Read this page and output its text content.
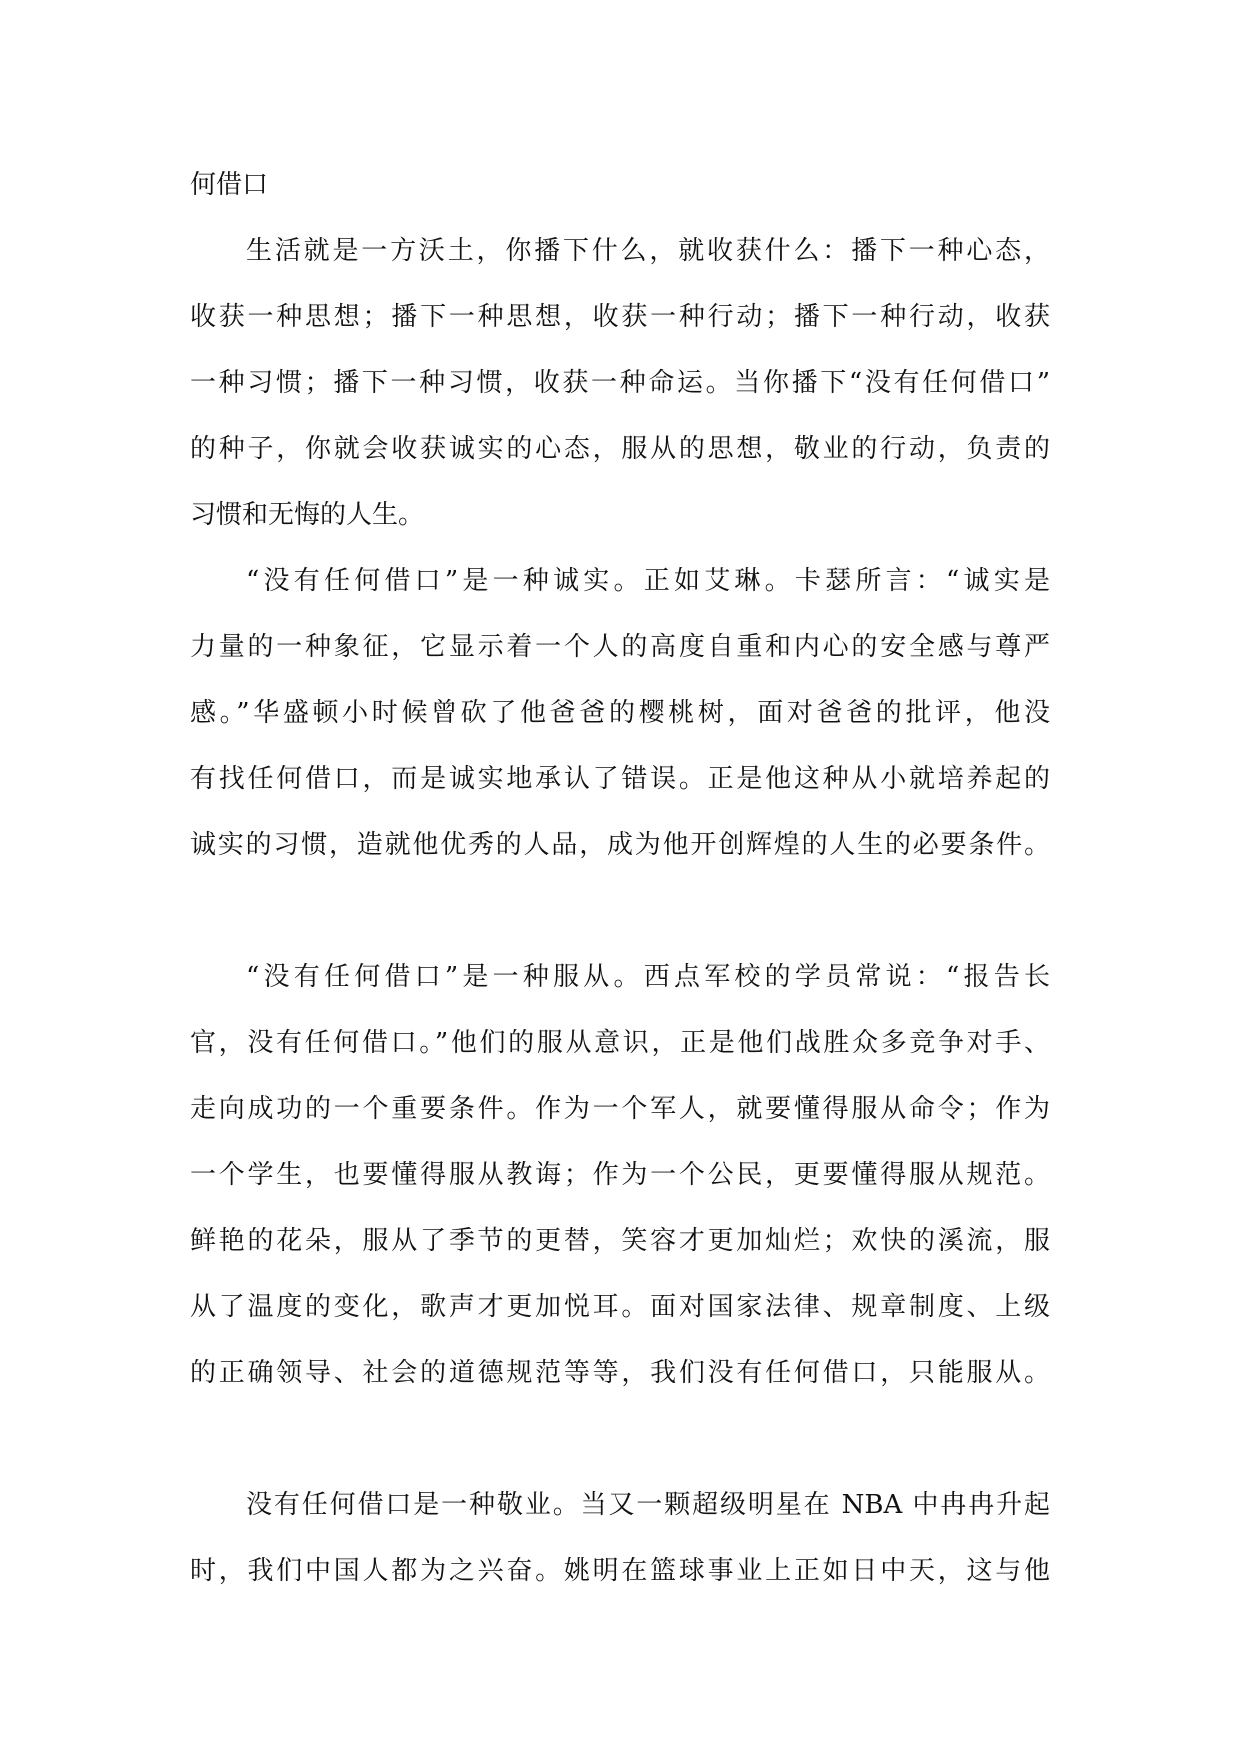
何借口
生活就是一方沃土，你播下什么，就收获什么：播下一种心态，
收获一种思想；播下一种思想，收获一种行动；播下一种行动，收获
一种习惯；播下一种习惯，收获一种命运。当你播下“没有任何借口”
的种子，你就会收获诚实的心态，服从的思想，敬业的行动，负责的
习惯和无悔的人生。
“没有任何借口”是一种诚实。正如艾琳。卡瑟所言：“诚实是
力量的一种象征，它显示着一个人的高度自重和内心的安全感与尊严
感。”华盛顿小时候曾砍了他爸爸的樱桃树，面对爸爸的批评，他没
有找任何借口，而是诚实地承认了错误。正是他这种从小就培养起的
诚实的习惯，造就他优秀的人品，成为他开创辉煌的人生的必要条件。
“没有任何借口”是一种服从。西点军校的学员常说：“报告长
官，没有任何借口。”他们的服从意识，正是他们战胜众多竞争对手、
走向成功的一个重要条件。作为一个军人，就要懂得服从命令；作为
一个学生，也要懂得服从教诲；作为一个公民，更要懂得服从规范。
鲜艳的花朵，服从了季节的更替，笑容才更加灿烂；欢快的溪流，服
从了温度的变化，歌声才更加悦耳。面对国家法律、规章制度、上级
的正确领导、社会的道德规范等等，我们没有任何借口，只能服从。
没有任何借口是一种敬业。当又一颗超级明星在 NBA 中冉冉升起
时，我们中国人都为之兴奋。姚明在篮球事业上正如日中天，这与他
